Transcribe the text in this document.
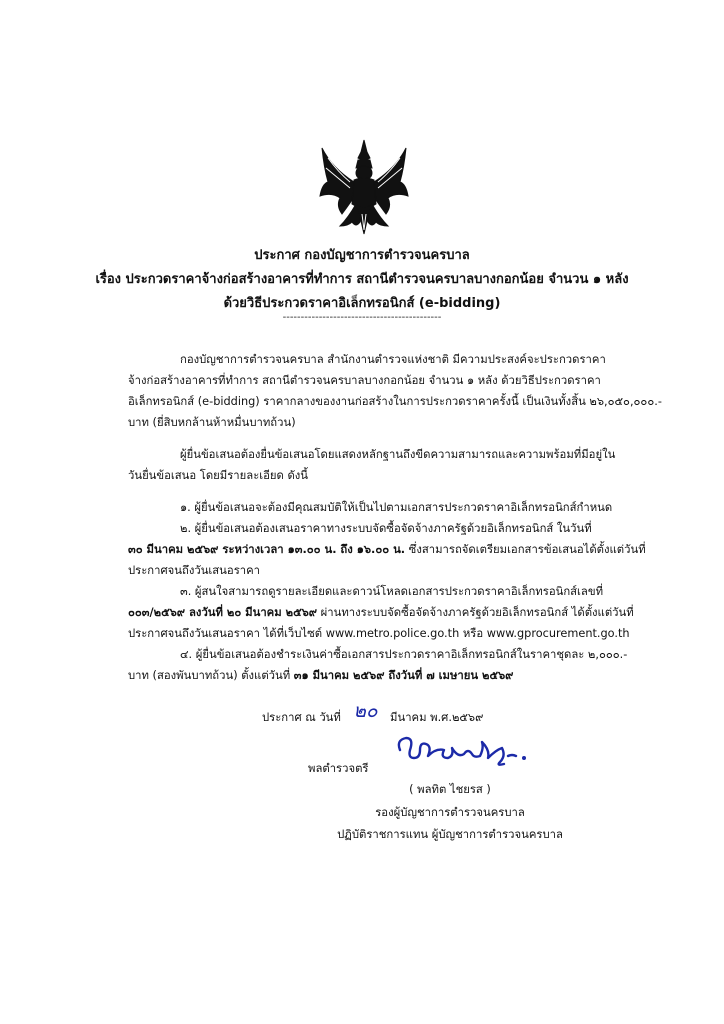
ประกาศ กองบัญชาการตำรวจนครบาล
เรื่อง ประกวดราคาจ้างก่อสร้างอาคารที่ทำการ สถานีตำรวจนครบาลบางกอกน้อย จำนวน ๑ หลัง
ด้วยวิธีประกวดราคาอิเล็กทรอนิกส์ (e-bidding)
--------------------------------------------
กองบัญชาการตำรวจนครบาล สำนักงานตำรวจแห่งชาติ มีความประสงค์จะประกวดราคา
จ้างก่อสร้างอาคารที่ทำการ สถานีตำรวจนครบาลบางกอกน้อย จำนวน ๑ หลัง ด้วยวิธีประกวดราคา
อิเล็กทรอนิกส์ (e-bidding) ราคากลางของงานก่อสร้างในการประกวดราคาครั้งนี้ เป็นเงินทั้งสิ้น ๒๖,๐๕๐,๐๐๐.-
บาท (ยี่สิบหกล้านห้าหมื่นบาทถ้วน)
ผู้ยื่นข้อเสนอต้องยื่นข้อเสนอโดยแสดงหลักฐานถึงขีดความสามารถและความพร้อมที่มีอยู่ใน
วันยื่นข้อเสนอ โดยมีรายละเอียด ดังนี้
๑. ผู้ยื่นข้อเสนอจะต้องมีคุณสมบัติให้เป็นไปตามเอกสารประกวดราคาอิเล็กทรอนิกส์กำหนด
๒. ผู้ยื่นข้อเสนอต้องเสนอราคาทางระบบจัดซื้อจัดจ้างภาครัฐด้วยอิเล็กทรอนิกส์ ในวันที่
๓๐ มีนาคม ๒๕๖๙ ระหว่างเวลา ๑๓.๐๐ น. ถึง ๑๖.๐๐ น. ซึ่งสามารถจัดเตรียมเอกสารข้อเสนอได้ตั้งแต่วันที่
ประกาศจนถึงวันเสนอราคา
๓. ผู้สนใจสามารถดูรายละเอียดและดาวน์โหลดเอกสารประกวดราคาอิเล็กทรอนิกส์เลขที่
๐๐๓/๒๕๖๙ ลงวันที่ ๒๐ มีนาคม ๒๕๖๙ ผ่านทางระบบจัดซื้อจัดจ้างภาครัฐด้วยอิเล็กทรอนิกส์ ได้ตั้งแต่วันที่
ประกาศจนถึงวันเสนอราคา ได้ที่เว็บไซต์ www.metro.police.go.th หรือ www.gprocurement.go.th
๔. ผู้ยื่นข้อเสนอต้องชำระเงินค่าซื้อเอกสารประกวดราคาอิเล็กทรอนิกส์ในราคาชุดละ ๒,๐๐๐.-
บาท (สองพันบาทถ้วน) ตั้งแต่วันที่ ๓๑ มีนาคม ๒๕๖๙ ถึงวันที่ ๗ เมษายน ๒๕๖๙
ประกาศ ณ วันที่ ๒๐ มีนาคม พ.ศ.๒๕๖๙
พลตำรวจตรี
( พลทิต ไชยรส )
รองผู้บัญชาการตำรวจนครบาล
ปฏิบัติราชการแทน ผู้บัญชาการตำรวจนครบาล
